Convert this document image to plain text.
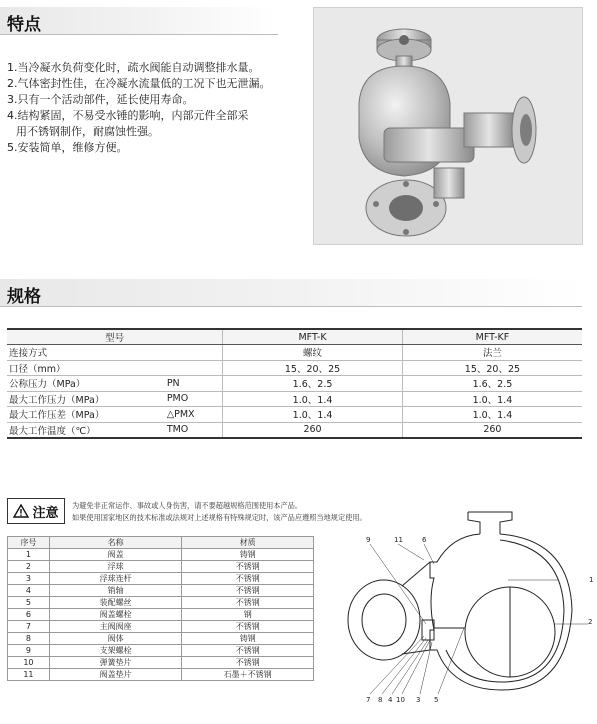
特点
1.当冷凝水负荷变化时，疏水阀能自动调整排水量。
2.气体密封性佳，在冷凝水流量低的工况下也无泄漏。
3.只有一个活动部件，延长使用寿命。
4.结构紧固，不易受水锤的影响，内部元件全部采
用不锈钢制作，耐腐蚀性强。
5.安装简单，维修方便。
规格
型号		MFT-K	MFT-KF
连接方式		螺纹	法兰
口径（mm）		15、20、25	15、20、25
公称压力（MPa）	PN	1.6、2.5	1.6、2.5
最大工作压力（MPa）	PMO	1.0、1.4	1.0、1.4
最大工作压差（MPa）	△PMX	1.0、1.4	1.0、1.4
最大工作温度（℃）	TMO	260	260
注意 为避免非正常运作、事故或人身伤害，请不要超越规格范围使用本产品。
如果使用国家地区的技术标准或法规对上述规格有特殊规定时，该产品应遵照当地规定使用。
序号	名称	材质
1	阀盖	铸钢
2	浮球	不锈钢
3	浮球连杆	不锈钢
4	销轴	不锈钢
5	装配螺丝	不锈钢
6	阀盖螺栓	钢
7	主阀阀座	不锈钢
8	阀体	铸钢
9	支架螺栓	不锈钢
10	弹簧垫片	不锈钢
11	阀盖垫片	石墨＋不锈钢
9	11	6
1
2
7 8 4 10 3 5
